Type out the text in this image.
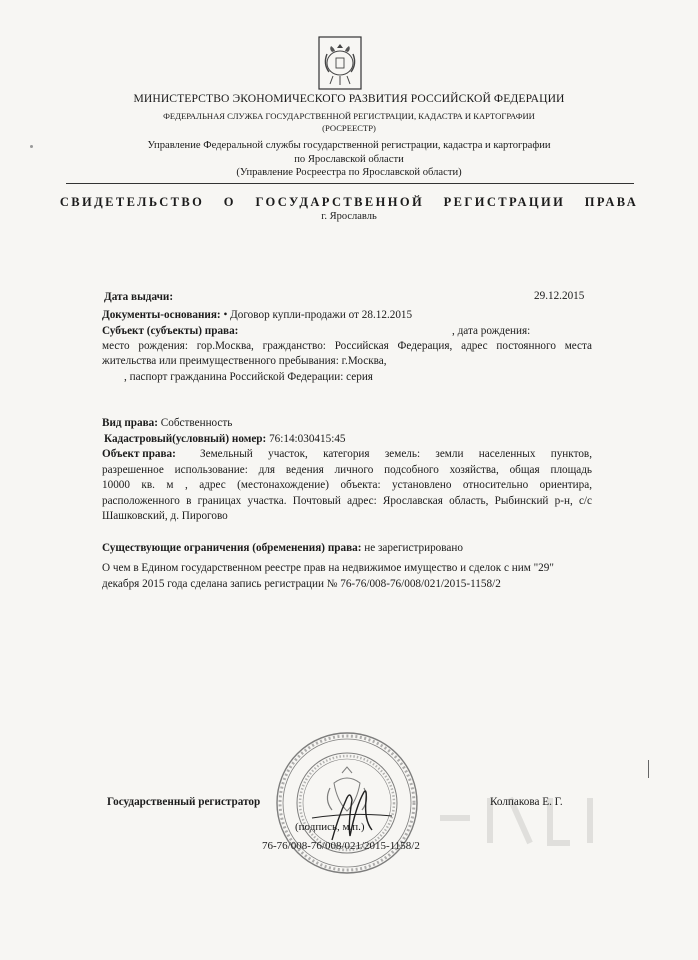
МИНИСТЕРСТВО ЭКОНОМИЧЕСКОГО РАЗВИТИЯ РОССИЙСКОЙ ФЕДЕРАЦИИ
ФЕДЕРАЛЬНАЯ СЛУЖБА ГОСУДАРСТВЕННОЙ РЕГИСТРАЦИИ, КАДАСТРА И КАРТОГРАФИИ
(РОСРЕЕСТР)
Управление Федеральной службы государственной регистрации, кадастра и картографии
по Ярославской области
(Управление Росреестра по Ярославской области)
СВИДЕТЕЛЬСТВО О ГОСУДАРСТВЕННОЙ РЕГИСТРАЦИИ ПРАВА
г. Ярославль
Дата выдачи:	29.12.2015
Документы-основания: • Договор купли-продажи от 28.12.2015
Субъект (субъекты) права:	, дата рождения:
место рождения: гор.Москва, гражданство: Российская Федерация, адрес постоянного места
жительства или преимущественного пребывания: г.Москва,
, паспорт гражданина Российской Федерации: серия
Вид права: Собственность
Кадастровый(условный) номер: 76:14:030415:45
Объект права:	Земельный участок, категория земель: земли населенных пунктов,
разрешенное использование: для ведения личного подсобного хозяйства, общая площадь
10000 кв. м , адрес (местонахождение) объекта: установлено относительно ориентира,
расположенного в границах участка. Почтовый адрес: Ярославская область, Рыбинский р-н, с/с
Шашковский, д. Пирогово
Существующие ограничения (обременения) права: не зарегистрировано
О чем в Едином государственном реестре прав на недвижимое имущество и сделок с ним "29"
декабря 2015 года сделана запись регистрации № 76-76/008-76/008/021/2015-1158/2
Государственный регистратор	Колпакова Е. Г.
(подпись, м.п.)
76-76/008-76/008/021/2015-1158/2
